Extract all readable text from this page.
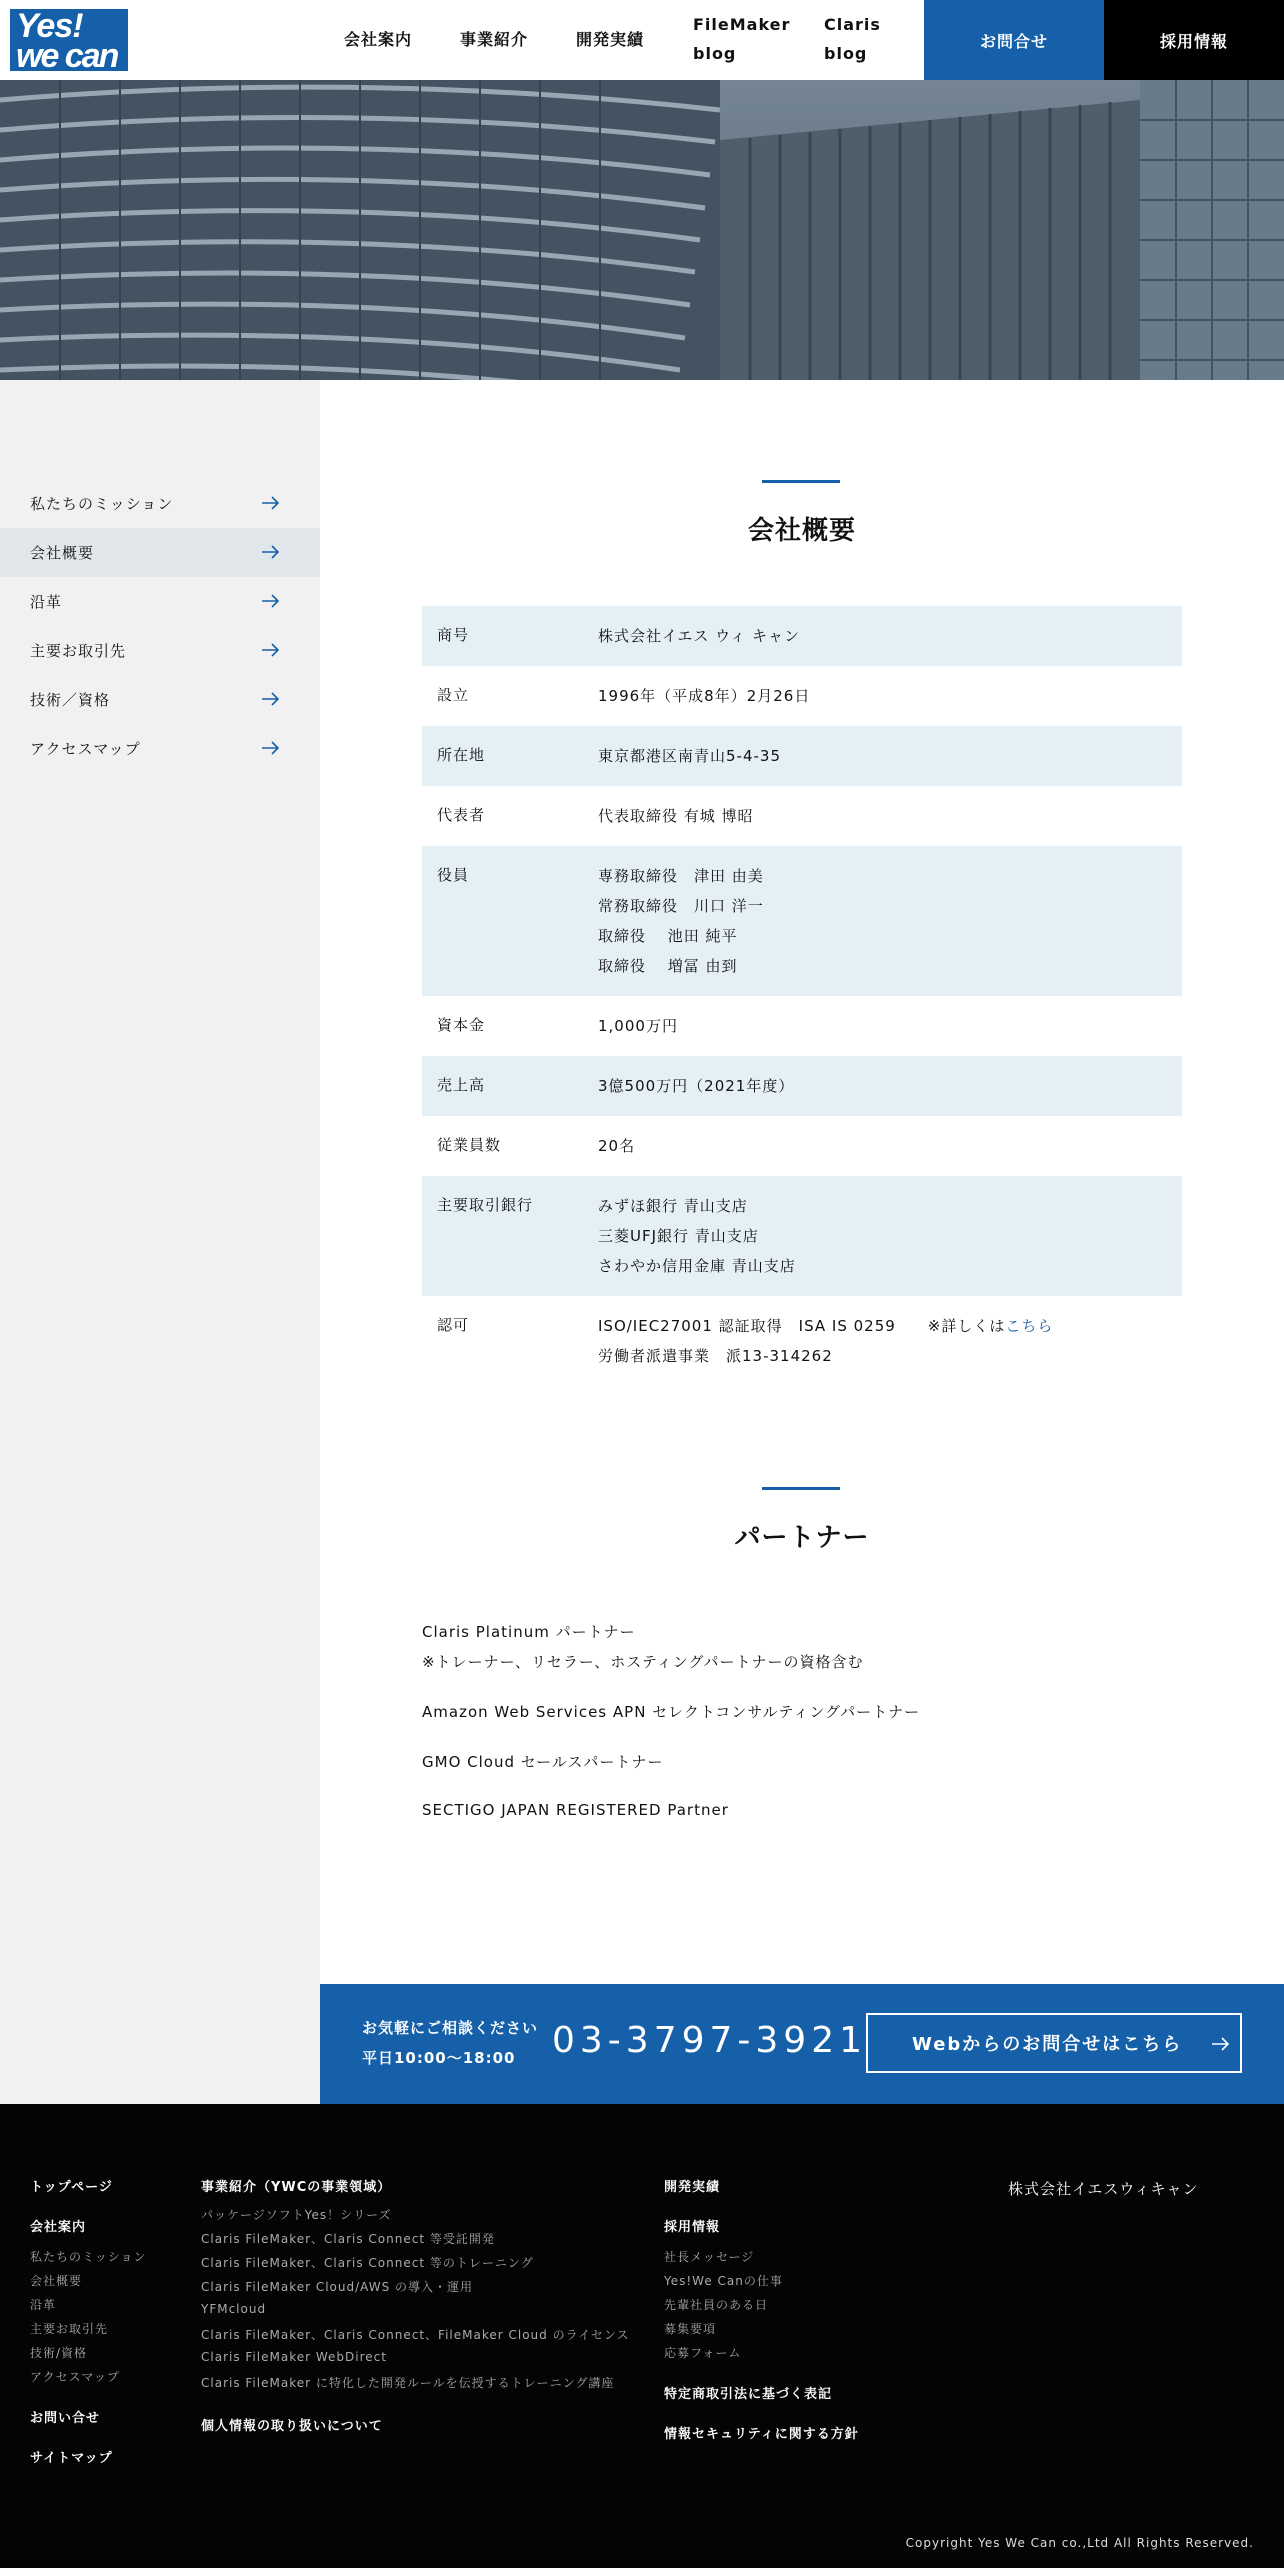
Yes!
we can	会社案内	事業紹介	開発実績
FileMaker
blog
Claris
blog
お問合せ	採用情報
私たちのミッション
会社概要
沿革
主要お取引先
技術／資格
アクセスマップ
会社概要
商号	株式会社イエス ウィ キャン
設立	1996年（平成8年）2月26日
所在地	東京都港区南青山5-4-35
代表者	代表取締役 有城 博昭
役員	専務取締役　津田 由美
常務取締役　川口 洋一
取締役　 池田 純平
取締役　 増冨 由到
資本金	1,000万円
売上高	3億500万円（2021年度）
従業員数	20名
主要取引銀行	みずほ銀行 青山支店
三菱UFJ銀行 青山支店
さわやか信用金庫 青山支店
認可	ISO/IEC27001 認証取得　ISA IS 0259　　※詳しくはこちら
労働者派遣事業　派13-314262
パートナー
Claris Platinum パートナー
※トレーナー、リセラー、ホスティングパートナーの資格含む
Amazon Web Services APN セレクトコンサルティングパートナー
GMO Cloud セールスパートナー
SECTIGO JAPAN REGISTERED Partner
お気軽にご相談ください
平日10:00〜18:00 03-3797-3921 Webからのお問合せはこちら
トップページ
会社案内
私たちのミッション
会社概要
沿革
主要お取引先
技術/資格
アクセスマップ
お問い合せ
サイトマップ
事業紹介（YWCの事業領域）
パッケージソフトYes！シリーズ
Claris FileMaker、Claris Connect 等受託開発
Claris FileMaker、Claris Connect 等のトレーニング
Claris FileMaker Cloud/AWS の導入・運用
YFMcloud
Claris FileMaker、Claris Connect、FileMaker Cloud のライセンス
Claris FileMaker WebDirect
Claris FileMaker に特化した開発ルールを伝授するトレーニング講座
個人情報の取り扱いについて
開発実績
採用情報
社長メッセージ
Yes!We Canの仕事
先輩社員のある日
募集要項
応募フォーム
特定商取引法に基づく表記
情報セキュリティに関する方針
株式会社イエスウィキャン
Copyright Yes We Can co.,Ltd All Rights Reserved.
